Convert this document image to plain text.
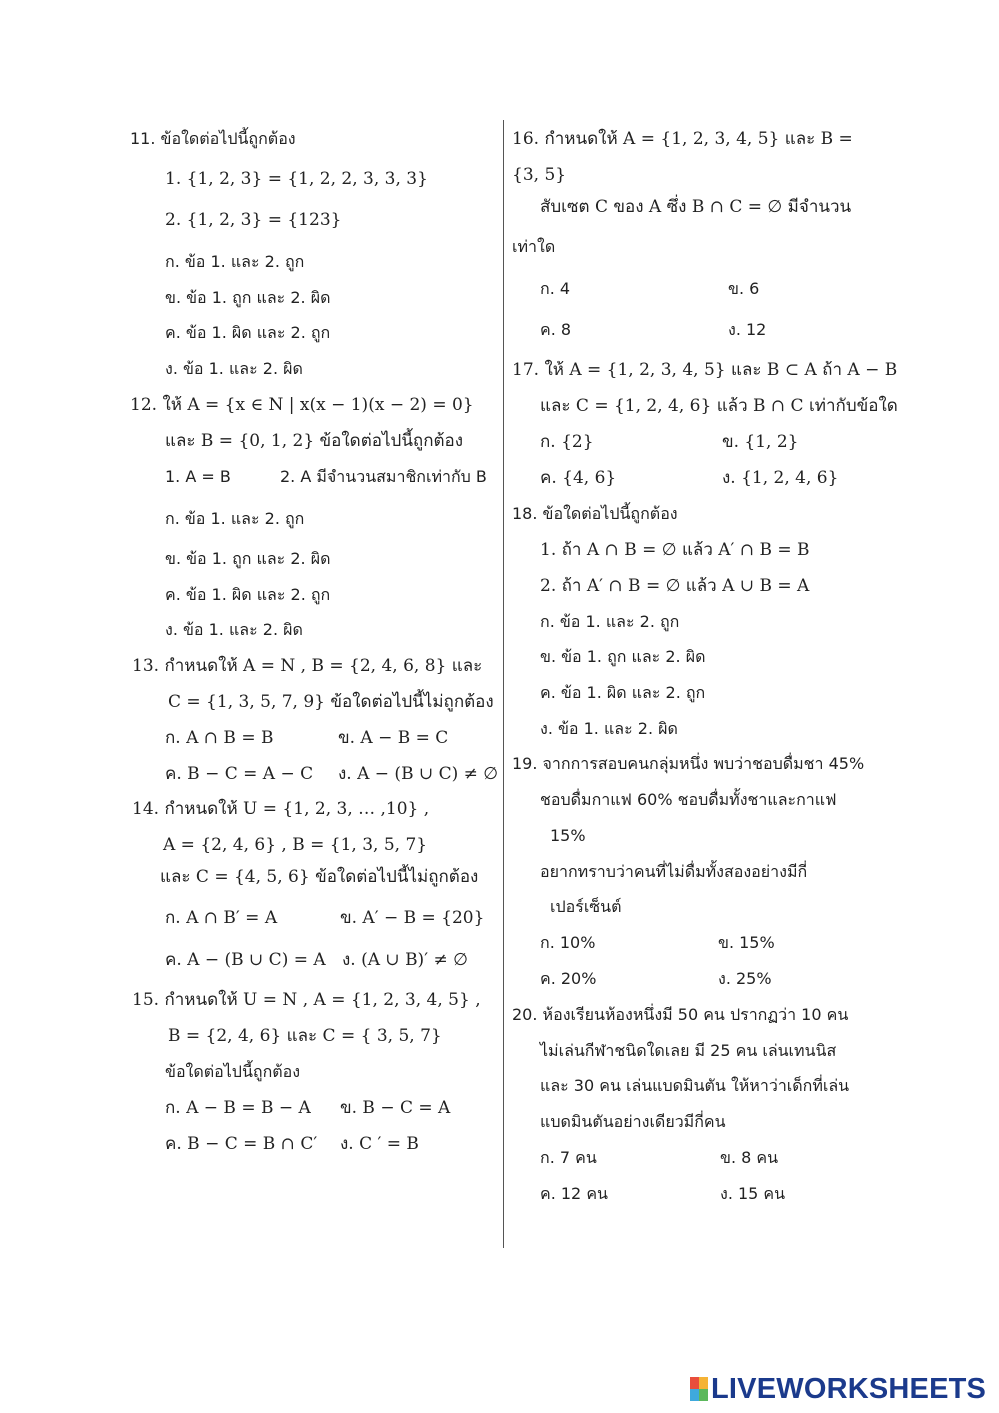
11. ข้อใดต่อไปนี้ถูกต้อง
1. {1, 2, 3} = {1, 2, 2, 3, 3, 3}
2. {1, 2, 3} = {123}
ก. ข้อ 1. และ 2. ถูก
ข. ข้อ 1. ถูก และ 2. ผิด
ค. ข้อ 1. ผิด และ 2. ถูก
ง. ข้อ 1. และ 2. ผิด
12. ให้ A = {x ∈ N | x(x − 1)(x − 2) = 0}
และ B = {0, 1, 2} ข้อใดต่อไปนี้ถูกต้อง
1. A = B	2. A มีจำนวนสมาชิกเท่ากับ B
ก. ข้อ 1. และ 2. ถูก
ข. ข้อ 1. ถูก และ 2. ผิด
ค. ข้อ 1. ผิด และ 2. ถูก
ง. ข้อ 1. และ 2. ผิด
13. กำหนดให้ A = N , B = {2, 4, 6, 8} และ
C = {1, 3, 5, 7, 9} ข้อใดต่อไปนี้ไม่ถูกต้อง
ก. A ∩ B = B	ข. A − B = C
ค. B − C = A − C ง. A − (B ∪ C) ≠ ∅
14. กำหนดให้ U = {1, 2, 3, … ,10} ,
A = {2, 4, 6} , B = {1, 3, 5, 7}
และ C = {4, 5, 6} ข้อใดต่อไปนี้ไม่ถูกต้อง
ก. A ∩ B′ = A	ข. A′ − B = {20}
ค. A − (B ∪ C) = A ง. (A ∪ B)′ ≠ ∅
15. กำหนดให้ U = N , A = {1, 2, 3, 4, 5} ,
B = {2, 4, 6} และ C = { 3, 5, 7}
ข้อใดต่อไปนี้ถูกต้อง
ก. A − B = B − A ข. B − C = A
ค. B − C = B ∩ C′ ง. C ′ = B
16. กำหนดให้ A = {1, 2, 3, 4, 5} และ B =
{3, 5}
สับเซต C ของ A ซึ่ง B ∩ C = ∅ มีจำนวน
เท่าใด
ก. 4	ข. 6
ค. 8	ง. 12
17. ให้ A = {1, 2, 3, 4, 5} และ B ⊂ A ถ้า A − B
และ C = {1, 2, 4, 6} แล้ว B ∩ C เท่ากับข้อใด
ก. {2}	ข. {1, 2}
ค. {4, 6}	ง. {1, 2, 4, 6}
18. ข้อใดต่อไปนี้ถูกต้อง
1. ถ้า A ∩ B = ∅ แล้ว A′ ∩ B = B
2. ถ้า A′ ∩ B = ∅ แล้ว A ∪ B = A
ก. ข้อ 1. และ 2. ถูก
ข. ข้อ 1. ถูก และ 2. ผิด
ค. ข้อ 1. ผิด และ 2. ถูก
ง. ข้อ 1. และ 2. ผิด
19. จากการสอบคนกลุ่มหนึ่ง พบว่าชอบดื่มชา 45%
ชอบดื่มกาแฟ 60% ชอบดื่มทั้งชาและกาแฟ
15%
อยากทราบว่าคนที่ไม่ดื่มทั้งสองอย่างมีกี่
เปอร์เซ็นต์
ก. 10%	ข. 15%
ค. 20%	ง. 25%
20. ห้องเรียนห้องหนึ่งมี 50 คน ปรากฏว่า 10 คน
ไม่เล่นกีฬาชนิดใดเลย มี 25 คน เล่นเทนนิส
และ 30 คน เล่นแบดมินตัน ให้หาว่าเด็กที่เล่น
แบดมินตันอย่างเดียวมีกี่คน
ก. 7 คน	ข. 8 คน
ค. 12 คน	ง. 15 คน
LIVEWORKSHEETS
